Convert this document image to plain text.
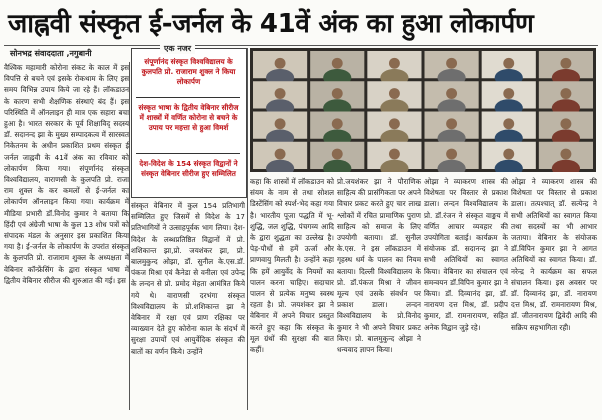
जाह्नवी संस्कृत ई-जर्नल के 41वें अंक का हुआ लोकार्पण
सोनभद्र संवाददाता ,नगुबानी

वैश्विक महामारी कोरोना संकट के काल में इस विपत्ति से बचने एवं इसके रोकथाम के लिए इस समय विभिन्न उपाय किये जा रहे हैं। लॉकडाउन के कारण सभी शैक्षणिक संस्थाएं बंद हैं। इस परिस्थिति में ऑनलाइन ही मात्र एक सहारा बचा हुआ है। भारत सरकार के पूर्व शिक्षाविद् सदस्य डॉ. सदानन्द झा के मुख्य सम्पादकत्व में सारस्वत निकेतनम के अधीन प्रकाशित प्रथम संस्कृत ई जर्नल जाह्नवी के 41वें अंक का रविवार को लोकार्पण किया गया। संपूर्णानंद संस्कृत विश्वविद्यालय, वाराणसी के कुलपति प्रो. राजा राम शुक्ल के कर कमलों से ई-जर्नल का लोकार्पण ऑनलाइन किया गया। कार्यक्रम में मीडिया प्रभारी डॉ.विनोद कुमार ने बताया कि हिंदी एवं अंग्रेजी भाषा के कुल 13 शोध पत्रों को संपादक मंडल के अनुसार इस प्रकाशित किया गया है। ई-जर्नल के लोकार्पण के उपरांत संस्कृत के कुलपति प्रो. राजाराम शुक्ल के अध्यक्षता में वेबिनार कॉन्फ्रेंसिंग के द्वारा संस्कृत भाषा में द्वितीय वेबिनार सीरीज की शुरुआत की गई। इस

एक नजर
संपूर्णानंद संस्कृत विश्वविद्यालय के कुलपति प्रो. राजाराम शुक्ल ने किया लोकार्पण
संस्कृत भाषा के द्वितीय वेबिनार सीरीज में शास्त्रों में वर्णित कोरोना से बचने के उपाय पर महत्ता से हुआ विमर्श
देश-विदेश के 154 संस्कृत विद्वानों ने संस्कृत वेबिनार सीरीज हुए सम्मिलित

संस्कृत वेबिनार में कुल 154 प्रतिभागी सम्मिलित हुए जिसमें से विदेश के 17 प्रतिभागियों ने उत्साहपूर्वक भाग लिया। देश-विदेश के लब्धप्रतिष्ठित विद्वानों में प्रो. शशिकान्त झा,प्रो. जयशंकर झा, प्रो. बालमुकुन्द ओझा, डॉ. सुनील के.एस.डॉ. पंकज मिश्रा एवं कैनेडा से वनीला एवं उपेन्द्र के लन्दन से प्रो. प्रमोद मेहता आमंत्रित किये गये थे। वाराणसी दरभंगा संस्कृत विश्वविद्यालय के प्रो.शशिकान्त झा ने वेबिनार में रक्षा एवं प्राण रक्षिका पर व्याख्यान देते हुए कोरोना काल के संदर्भ में सुरक्षा उपायों एवं आयुर्वेदिक संस्कृत की बातों का वर्णन किये। उन्होंने

कहा कि शास्त्रों में लॉकडाउन को संयम के नाम से तथा सोशल डिस्टेंसिंग को स्पर्श-भेद कहा गया है। भारतीय पूजा पद्धति में भू-शुद्धि, जल शुद्धि, पंचगव्य आदि के द्वारा शुद्धता का उल्लेख है। पेड़-पौधों से हमें ऊर्जा और प्राणवायु मिलती है। उन्होंने कहा कि हमें आयुर्वेद के नियमों का पालन करना चाहिए। सदाचार पालन से प्रत्येक मनुष्य स्वस्थ रहता है। प्रो. जयशंकर झा ने वेबिनार में अपने विचार प्रस्तुत करते हुए कहा कि संस्कृत के मूल ग्रंथों की सुरक्षा की बात कहीं।

प्रो.जयशंकर झा ने पौराणिक साहित्य की प्रासंगिकता पर अपने विचार प्रकट करते हुए चार लाख श्लोकों में रचित प्रामाणिक पुराण साहित्य को समाज के लिए उपयोगी बताया। डॉ. सुनील के.एस. ने इस लॉकडाउन में गृहस्थ धर्म के पालन का नियम बताया। दिल्ली विश्वविद्यालय के प्रो. डॉ.पंकज मिश्रा ने जीवन मूल्य एवं उसके संवर्धन पर प्रकाश डाला। लन्दन विश्वविद्यालय के प्रो.विनोद कुमार ने भी अपने विचार प्रकट किए। प्रो. बालमुकुन्द ओझा ने धन्यवाद ज्ञापन किया।

ओझा ने व्याकरण शास्त्र की विशेषता पर विस्तार से प्रकाश डाला। लन्दन विश्वविद्यालय के प्रो. डॉ.रंजन ने संस्कृत वाङ्मय में वर्णित आचार व्यवहार की उपयोगिता बताई। कार्यक्रम के संयोजक डॉ. सदानन्द झा ने सभी अतिथियों का स्वागत किया। वेबिनार का संचालन एवं समन्वयन डॉ.विपिन कुमार झा ने किया। डॉ. दिव्यानंद झा, डॉ. नारायण दत्त मिश्र, डॉ. प्रदीप कुमार, डॉ. रामनारायण, सहित अनेक विद्वान जुड़े रहे।

ओझा ने व्याकरण शास्त्र की विशेषता पर विस्तार से प्रकाश डाला। तत्पश्चात् डॉ. सत्येन्द्र ने सभी अतिथियों का स्वागत किया तथा सदस्यों का भी आभार जताया। वेबिनार के संयोजक डॉ.विपिन कुमार झा ने आगत अतिथियों का स्वागत किया। डॉ. नरेन्द्र ने कार्यक्रम का सफल संचालन किया। इस अवसर पर डॉ. दिव्यानंद झा, डॉ. नारायण दत्त मिश्र, डॉ. रामनारायण मिश्र, डॉ. जीतनारायण द्विवेदी आदि की सक्रिय सहभागिता रही।
